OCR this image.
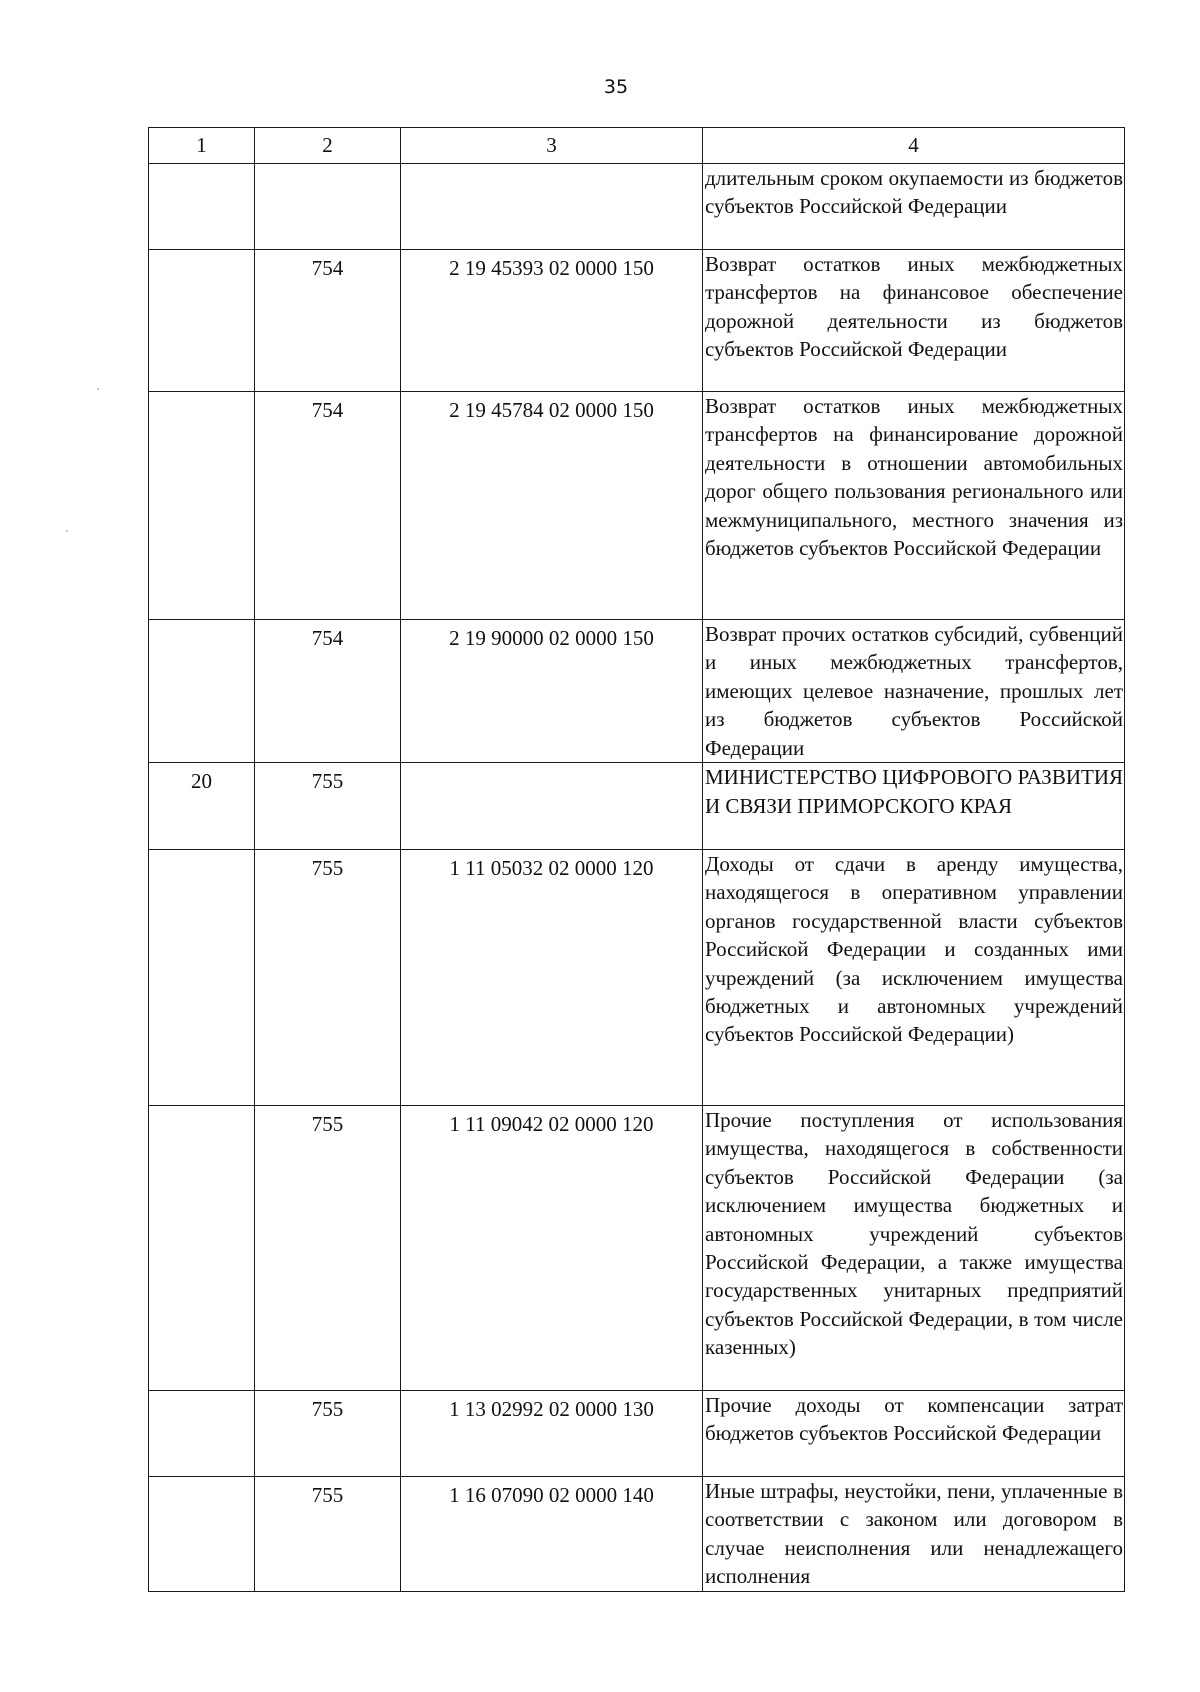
35
1	2	3	4
			длительным сроком окупаемости из бюджетов субъектов Российской Федерации
	754	2 19 45393 02 0000 150	Возврат остатков иных межбюджетных трансфертов на финансовое обеспечение дорожной деятельности из бюджетов субъектов Российской Федерации
	754	2 19 45784 02 0000 150	Возврат остатков иных межбюджетных трансфертов на финансирование дорожной деятельности в отношении автомобильных дорог общего пользования регионального или межмуниципального, местного значения из бюджетов субъектов Российской Федерации
	754	2 19 90000 02 0000 150	Возврат прочих остатков субсидий, субвенций и иных межбюджетных трансфертов, имеющих целевое назначение, прошлых лет из бюджетов субъектов Российской Федерации
20	755		МИНИСТЕРСТВО ЦИФРОВОГО РАЗВИТИЯ И СВЯЗИ ПРИМОРСКОГО КРАЯ
	755	1 11 05032 02 0000 120	Доходы от сдачи в аренду имущества, находящегося в оперативном управлении органов государственной власти субъектов Российской Федерации и созданных ими учреждений (за исключением имущества бюджетных и автономных учреждений субъектов Российской Федерации)
	755	1 11 09042 02 0000 120	Прочие поступления от использования имущества, находящегося в собственности субъектов Российской Федерации (за исключением имущества бюджетных и автономных учреждений субъектов Российской Федерации, а также имущества государственных унитарных предприятий субъектов Российской Федерации, в том числе казенных)
	755	1 13 02992 02 0000 130	Прочие доходы от компенсации затрат бюджетов субъектов Российской Федерации
	755	1 16 07090 02 0000 140	Иные штрафы, неустойки, пени, уплаченные в соответствии с законом или договором в случае неисполнения или ненадлежащего исполнения
